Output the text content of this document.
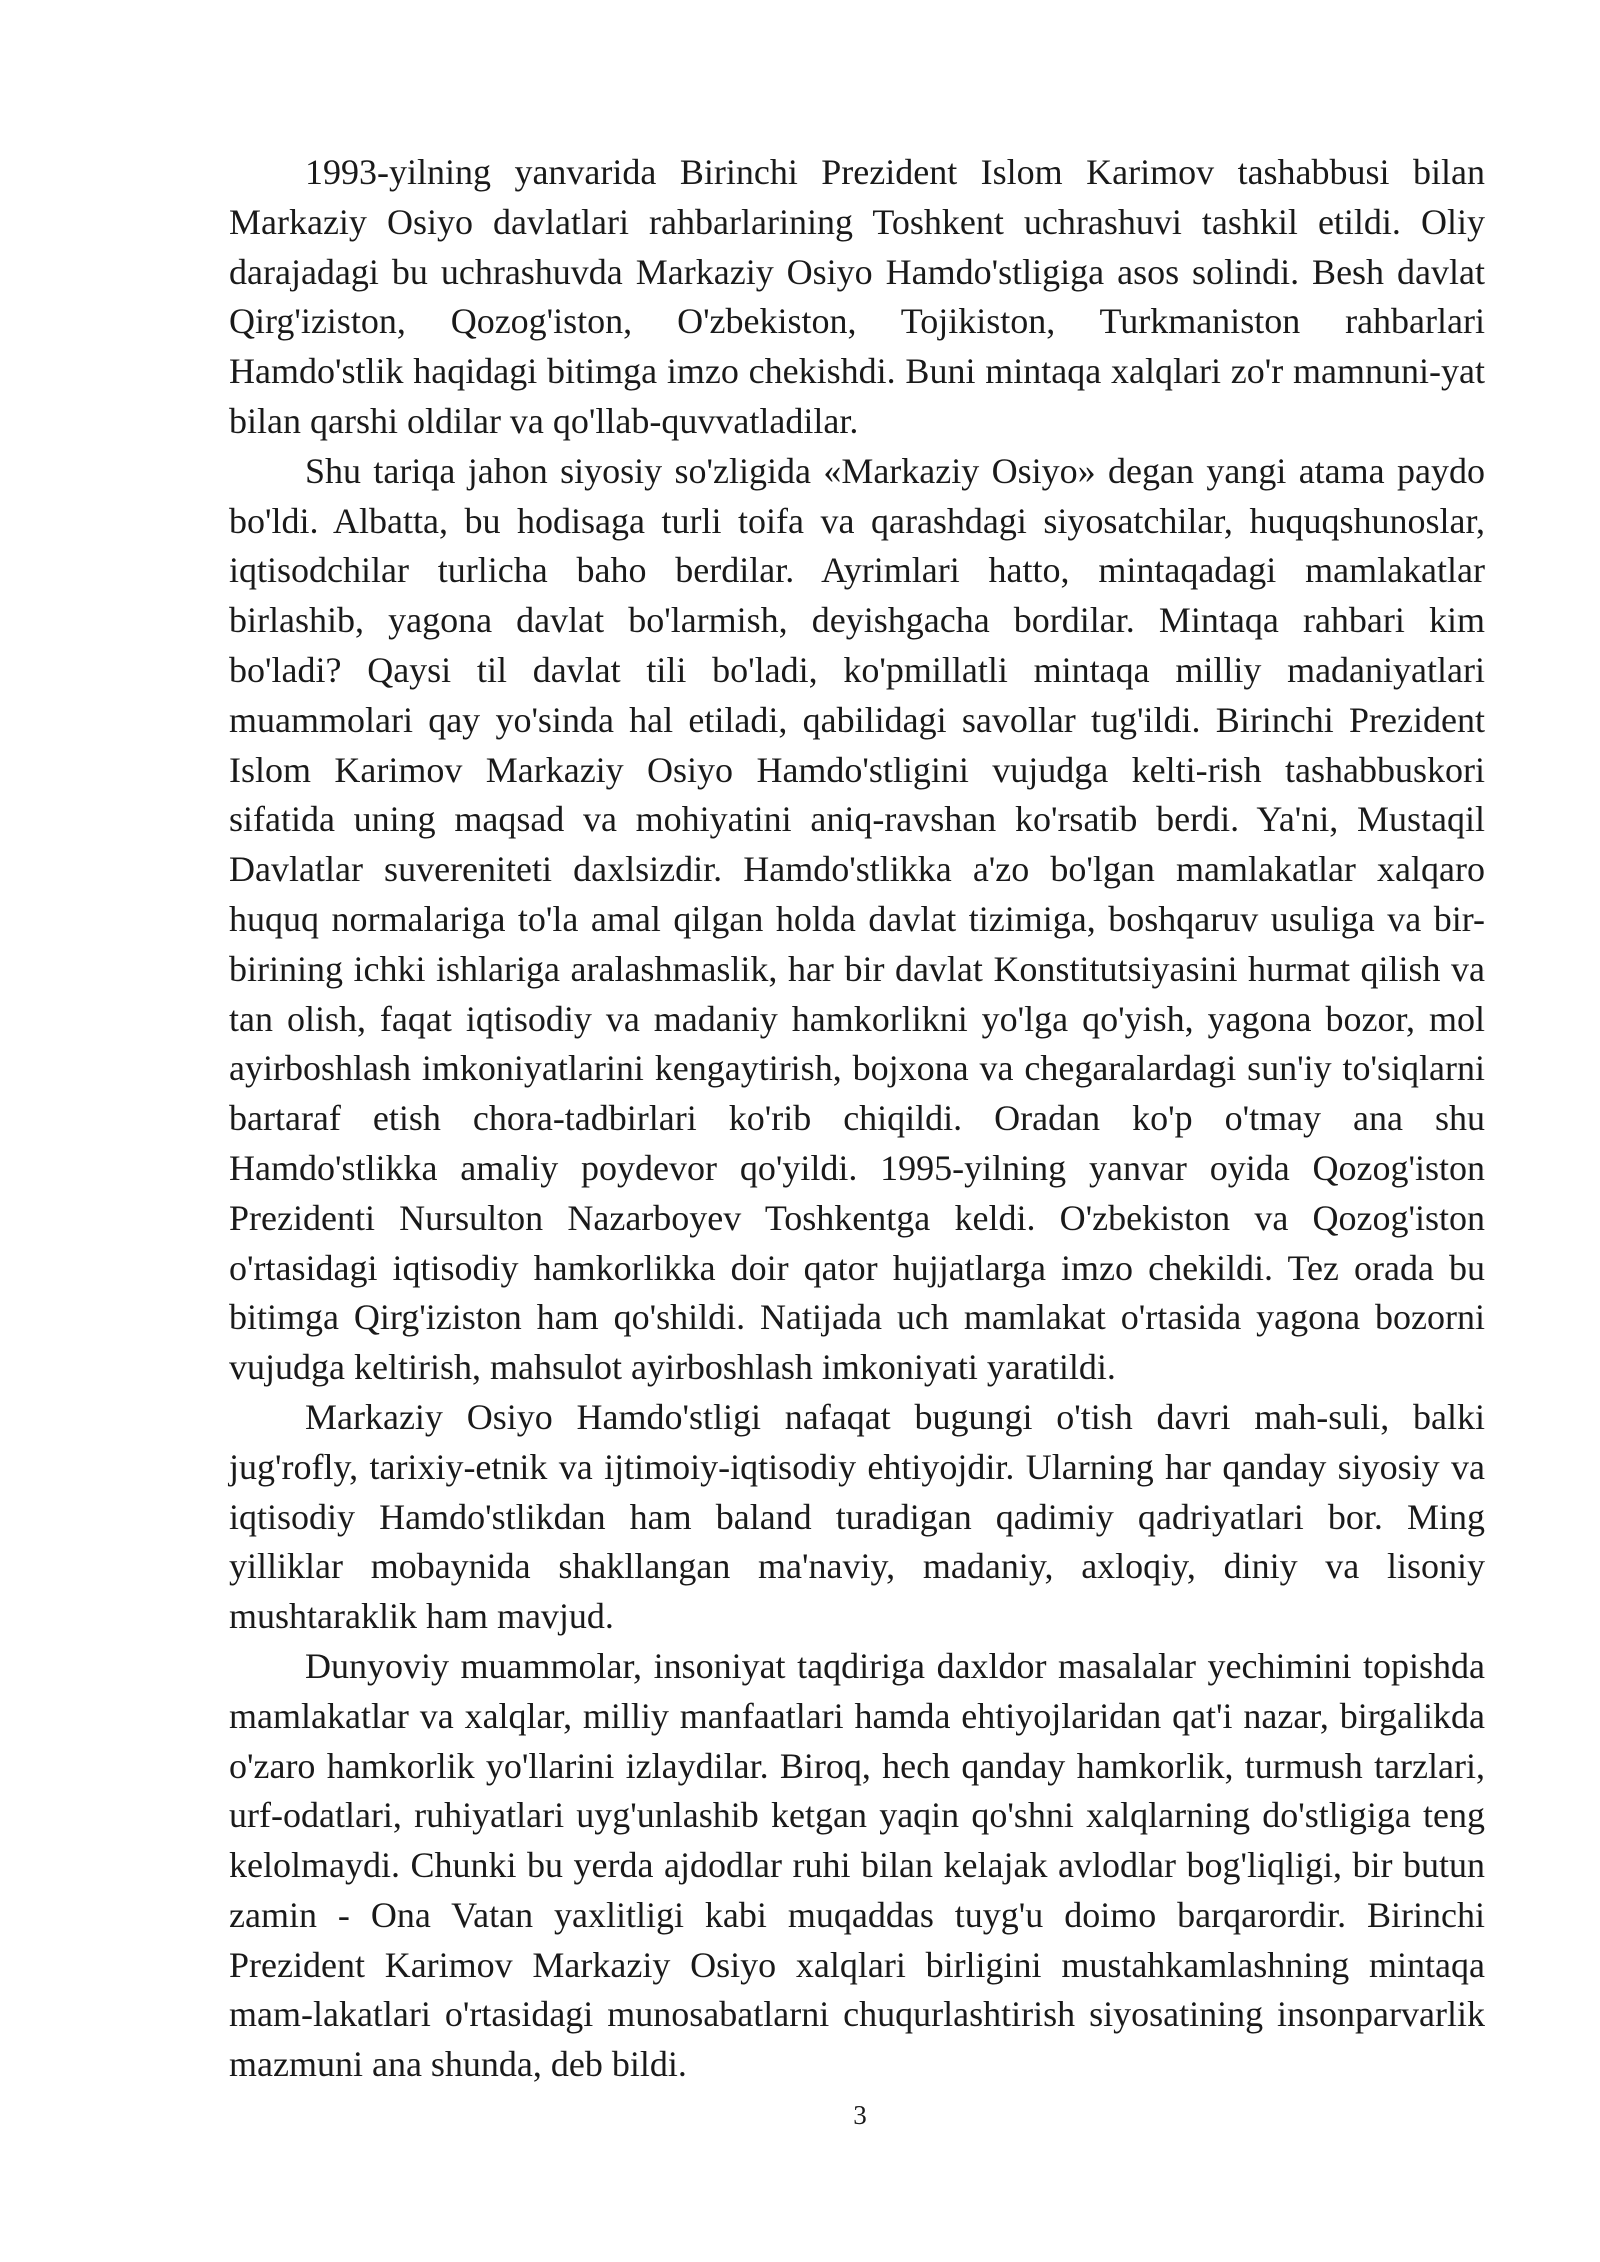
1993-yilning yanvarida Birinchi Prezident Islom Karimov tashabbusi bilan Markaziy Osiyo davlatlari rahbarlarining Toshkent uchrashuvi tashkil etildi. Oliy darajadagi bu uchrashuvda Markaziy Osiyo Hamdo'stligiga asos solindi. Besh davlat Qirg'iziston, Qozog'iston, O'zbekiston, Tojikiston, Turkmaniston rahbarlari Hamdo'stlik haqidagi bitimga imzo chekishdi. Buni mintaqa xalqlari zo'r mamnuni-yat bilan qarshi oldilar va qo'llab-quvvatladilar.

Shu tariqa jahon siyosiy so'zligida «Markaziy Osiyo» degan yangi atama paydo bo'ldi. Albatta, bu hodisaga turli toifa va qarashdagi siyosatchilar, huquqshunoslar, iqtisodchilar turlicha baho berdilar. Ayrimlari hatto, mintaqadagi mamlakatlar birlashib, yagona davlat bo'larmish, deyishgacha bordilar. Mintaqa rahbari kim bo'ladi? Qaysi til davlat tili bo'ladi, ko'pmillatli mintaqa milliy madaniyatlari muammolari qay yo'sinda hal etiladi, qabilidagi savollar tug'ildi. Birinchi Prezident Islom Karimov Markaziy Osiyo Hamdo'stligini vujudga kelti-rish tashabbuskori sifatida uning maqsad va mohiyatini aniq-ravshan ko'rsatib berdi. Ya'ni, Mustaqil Davlatlar suvereniteti daxlsizdir. Hamdo'stlikka a'zo bo'lgan mamlakatlar xalqaro huquq normalariga to'la amal qilgan holda davlat tizimiga, boshqaruv usuliga va bir-birining ichki ishlariga aralashmaslik, har bir davlat Konstitutsiyasini hurmat qilish va tan olish, faqat iqtisodiy va madaniy hamkorlikni yo'lga qo'yish, yagona bozor, mol ayirboshlash imkoniyatlarini kengaytirish, bojxona va chegaralardagi sun'iy to'siqlarni bartaraf etish chora-tadbirlari ko'rib chiqildi. Oradan ko'p o'tmay ana shu Hamdo'stlikka amaliy poydevor qo'yildi. 1995-yilning yanvar oyida Qozog'iston Prezidenti Nursulton Nazarboyev Toshkentga keldi. O'zbekiston va Qozog'iston o'rtasidagi iqtisodiy hamkorlikka doir qator hujjatlarga imzo chekildi. Tez orada bu bitimga Qirg'iziston ham qo'shildi. Natijada uch mamlakat o'rtasida yagona bozorni vujudga keltirish, mahsulot ayirboshlash imkoniyati yaratildi.

Markaziy Osiyo Hamdo'stligi nafaqat bugungi o'tish davri mah-suli, balki jug'rofly, tarixiy-etnik va ijtimoiy-iqtisodiy ehtiyojdir. Ularning har qanday siyosiy va iqtisodiy Hamdo'stlikdan ham baland turadigan qadimiy qadriyatlari bor. Ming yilliklar mobaynida shakllangan ma'naviy, madaniy, axloqiy, diniy va lisoniy mushtaraklik ham mavjud.

Dunyoviy muammolar, insoniyat taqdiriga daxldor masalalar yechimini topishda mamlakatlar va xalqlar, milliy manfaatlari hamda ehtiyojlaridan qat'i nazar, birgalikda o'zaro hamkorlik yo'llarini izlaydilar. Biroq, hech qanday hamkorlik, turmush tarzlari, urf-odatlari, ruhiyatlari uyg'unlashib ketgan yaqin qo'shni xalqlarning do'stligiga teng kelolmaydi. Chunki bu yerda ajdodlar ruhi bilan kelajak avlodlar bog'liqligi, bir butun zamin - Ona Vatan yaxlitligi kabi muqaddas tuyg'u doimo barqarordir. Birinchi Prezident Karimov Markaziy Osiyo xalqlari birligini mustahkamlashning mintaqa mam-lakatlari o'rtasidagi munosabatlarni chuqurlashtirish siyosatining insonparvarlik mazmuni ana shunda, deb bildi.

3
